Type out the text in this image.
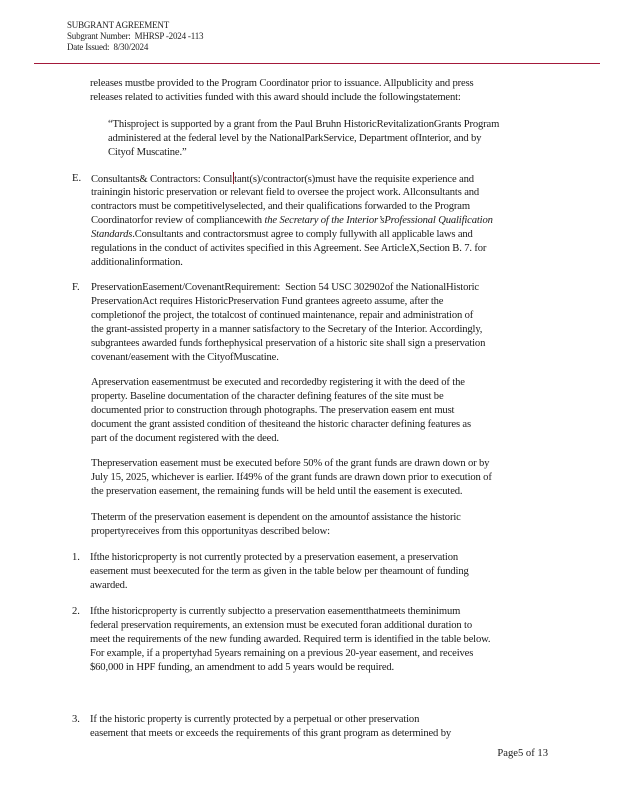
SUBGRANT AGREEMENT
Subgrant Number: MHRSP -2024 -113
Date Issued: 8/30/2024
releases mustbe provided to the Program Coordinator prior to issuance. Allpublicity and press
releases related to activities funded with this award should include the followingstatement:
“Thisproject is supported by a grant from the Paul Bruhn HistoricRevitalizationGrants Program
administered at the federal level by the NationalParkService, Department ofInterior, and by
Cityof Muscatine.”
E. Consultants& Contractors: Consul tant(s)/contractor(s)must have the requisite experience and
trainingin historic preservation or relevant field to oversee the project work. Allconsultants and
contractors must be competitivelyselected, and their qualifications forwarded to the Program
Coordinatorfor review of compliancewith the Secretary of the Interior’sProfessional Qualification
Standards.Consultants and contractorsmust agree to comply fullywith all applicable laws and
regulations in the conduct of activites specified in this Agreement. See ArticleX,Section B. 7. for
additionalinformation.
F. PreservationEasement/CovenantRequirement:  Section 54 USC 302902of the NationalHistoric
PreservationAct requires HistoricPreservation Fund grantees agreeto assume, after the
completionof the project, the totalcost of continued maintenance, repair and administration of
the grant-assisted property in a manner satisfactory to the Secretary of the Interior. Accordingly,
subgrantees awarded funds forthephysical preservation of a historic site shall sign a preservation
covenant/easement with the CityofMuscatine.
Apreservation easementmust be executed and recordedby registering it with the deed of the
property. Baseline documentation of the character defining features of the site must be
documented prior to construction through photographs. The preservation easem ent must
document the grant assisted condition of thesiteand the historic character defining features as
part of the document registered with the deed.
Thepreservation easement must be executed before 50% of the grant funds are drawn down or by
July 15, 2025, whichever is earlier. If49% of the grant funds are drawn down prior to execution of
the preservation easement, the remaining funds will be held until the easement is executed.
Theterm of the preservation easement is dependent on the amountof assistance the historic
propertyreceives from this opportunityas described below:
1. Ifthe historicproperty is not currently protected by a preservation easement, a preservation
easement must beexecuted for the term as given in the table below per theamount of funding
awarded.
2. Ifthe historicproperty is currently subjectto a preservation easementthatmeets theminimum
federal preservation requirements, an extension must be executed foran additional duration to
meet the requirements of the new funding awarded. Required term is identified in the table below.
For example, if a propertyhad 5years remaining on a previous 20-year easement, and receives
$60,000 in HPF funding, an amendment to add 5 years would be required.
3. If the historic property is currently protected by a perpetual or other preservation
easement that meets or exceeds the requirements of this grant program as determined by
Page5 of 13
